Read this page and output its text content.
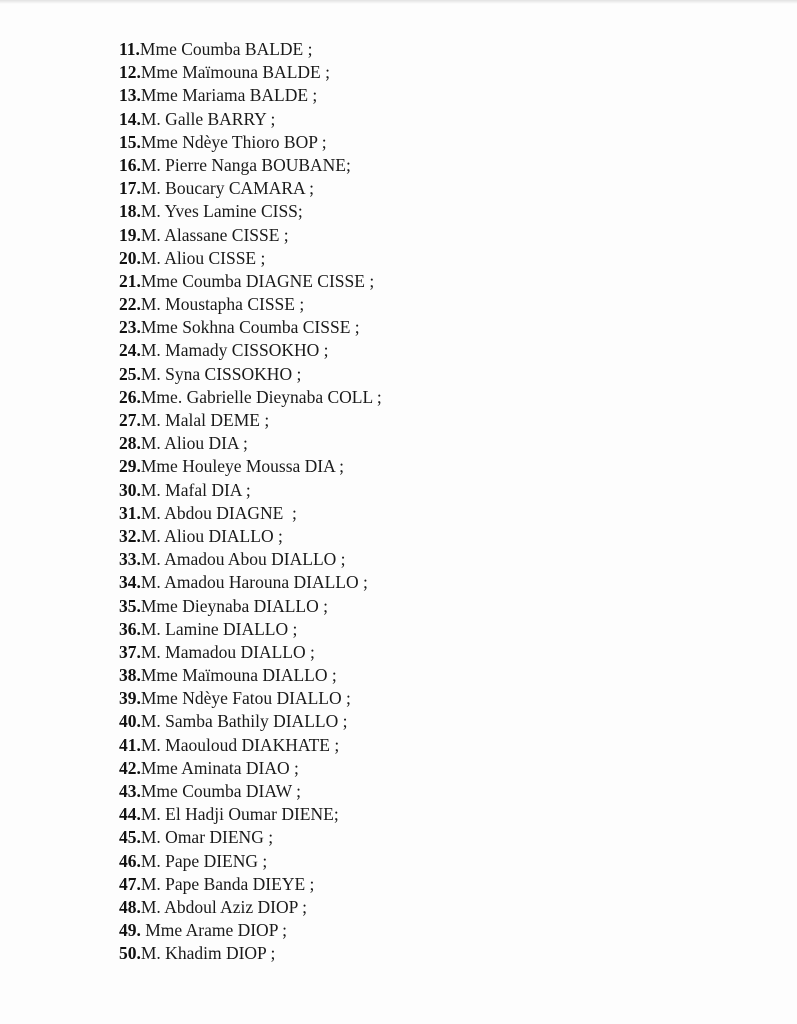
11.Mme Coumba BALDE ;
12.Mme Maïmouna BALDE ;
13.Mme Mariama BALDE ;
14.M. Galle BARRY ;
15.Mme Ndèye Thioro BOP ;
16.M. Pierre Nanga BOUBANE;
17.M. Boucary CAMARA ;
18.M. Yves Lamine CISS;
19.M. Alassane CISSE ;
20.M. Aliou CISSE ;
21.Mme Coumba DIAGNE CISSE ;
22.M. Moustapha CISSE ;
23.Mme Sokhna Coumba CISSE ;
24.M. Mamady CISSOKHO ;
25.M. Syna CISSOKHO ;
26.Mme. Gabrielle Dieynaba COLL ;
27.M. Malal DEME ;
28.M. Aliou DIA ;
29.Mme Houleye Moussa DIA ;
30.M. Mafal DIA ;
31.M. Abdou DIAGNE  ;
32.M. Aliou DIALLO ;
33.M. Amadou Abou DIALLO ;
34.M. Amadou Harouna DIALLO ;
35.Mme Dieynaba DIALLO ;
36.M. Lamine DIALLO ;
37.M. Mamadou DIALLO ;
38.Mme Maïmouna DIALLO ;
39.Mme Ndèye Fatou DIALLO ;
40.M. Samba Bathily DIALLO ;
41.M. Maouloud DIAKHATE ;
42.Mme Aminata DIAO ;
43.Mme Coumba DIAW ;
44.M. El Hadji Oumar DIENE;
45.M. Omar DIENG ;
46.M. Pape DIENG ;
47.M. Pape Banda DIEYE ;
48.M. Abdoul Aziz DIOP ;
49. Mme Arame DIOP ;
50.M. Khadim DIOP ;
